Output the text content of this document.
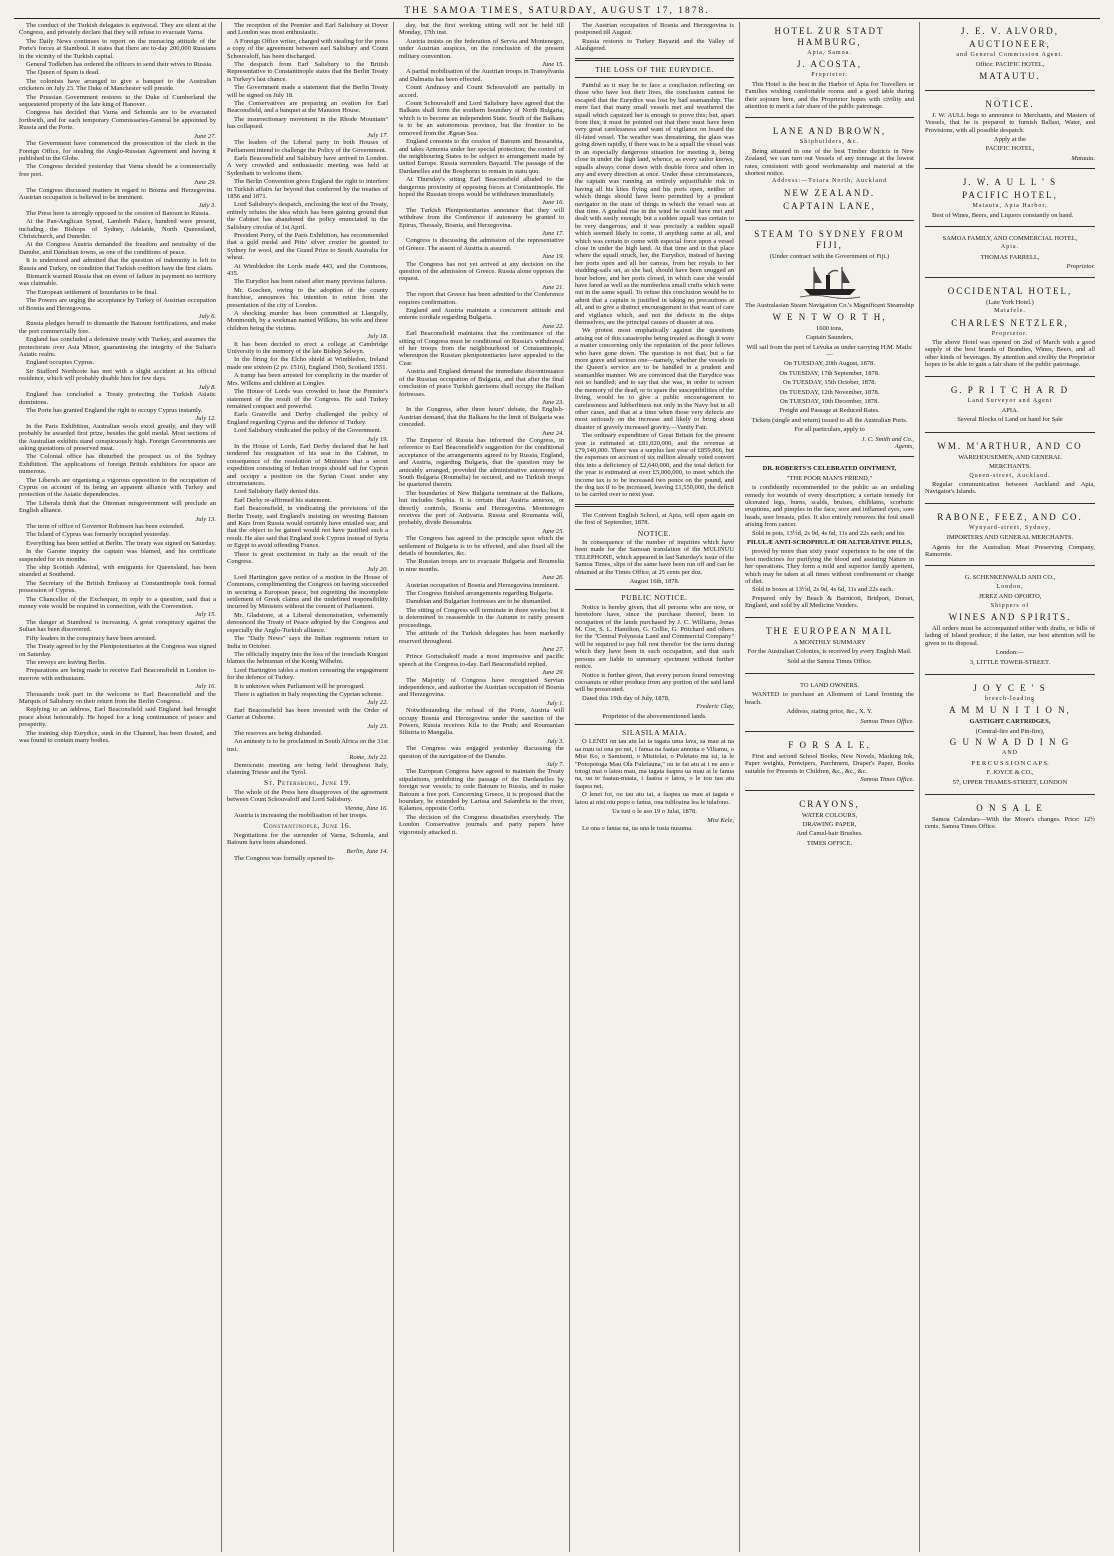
THE SAMOA TIMES, SATURDAY, AUGUST 17, 1878.

The conduct of the Turkish delegates is equivocal. They are silent at the Congress, and privately declare that they will refuse to evacuate Varna.

The Daily News continues to report on the menacing attitude of the Porte's forces at Stamboul. It states that there are to-day 200,000 Russians in the vicinity of the Turkish capital.

General Todleben has ordered the officers to send their wives to Russia.

The Queen of Spain is dead.

The colonists have arranged to give a banquet to the Australian cricketers on July 23. The Duke of Manchester will preside.

The Prussian Government restores to the Duke of Cumberland the sequestered property of the late king of Hanover.

Congress has decided that Varna and Schumla are to be evacuated forthwith, and for each temporary Commissaries-General be appointed by Russia and the Porte.

June 27.

The Government have commenced the prosecution of the clerk in the Foreign Office, for stealing the Anglo-Russian Agreement and having it published in the Globe.

The Congress decided yesterday that Varna should be a commercially free port.

June 29.

The Congress discussed matters in regard to Bosnia and Herzegovina. Austrian occupation is believed to be imminent.

July 3.

The Press here is strongly opposed to the cession of Batoum to Russia.

At the Pan-Anglican Synod, Lambeth Palace, hundred were present, including the Bishops of Sydney, Adelaide, North Queensland, Christchurch, and Dunedin.

At the Congress Austria demanded the freedom and neutrality of the Danube, and Danubian towns, as one of the conditions of peace.

It is understood and admitted that the question of indemnity is left to Russia and Turkey, on condition that Turkish creditors have the first claim.

Bismarck warned Russia that on event of failure in payment no territory was claimable.

The European settlement of boundaries to be final.

The Powers are urging the acceptance by Turkey of Austrian occupation of Bosnia and Herzegovina.

July 6.

Russia pledges herself to dismantle the Batoum fortifications, and make the port commercially free.

England has concluded a defensive treaty with Turkey, and assumes the protectorate over Asia Minor, guaranteeing the integrity of the Sultan's Asiatic realm.

England occupies Cyprus.

Sir Stafford Northcote has met with a slight accident at his official residence, which will probably disable him for few days.

July 8.

England has concluded a Treaty protecting the Turkish Asiatic dominions.

The Porte has granted England the right to occupy Cyprus instantly.

July 12.

In the Paris Exhibition, Australian wools excel greatly, and they will probably be awarded first prize, besides the gold medal. Most sections of the Australian exhibits stand conspicuously high. Foreign Governments are asking quotations of preserved meat.

The Colonial office has disturbed the prospect us of the Sydney Exhibition. The applications of foreign British exhibitors for space are numerous.

The Liberals are organising a vigorous opposition to the occupation of Cyprus on account of its being an apparent alliance with Turkey and protection of the Asiatic dependencies.

The Liberals think that the Ottoman misgovernment will preclude an English alliance.

July 13.

The term of office of Governor Robinson has been extended.

The Island of Cyprus was formerly occupied yesterday.

Everything has been settled at Berlin. The treaty was signed on Saturday.

In the Garone inquiry the captain was blamed, and his certificate suspended for six months.

The ship Scottish Admiral, with emigrants for Queensland, has been stranded at Southend.

The Secretary of the British Embassy at Constantinople took formal possession of Cyprus.

The Chancellor of the Exchequer, in reply to a question, said that a money vote would be required in connection, with the Convention.

July 15.

The danger at Stamboul is increasing. A great conspiracy against the Sultan has been discovered.

Fifty leaders in the conspiracy have been arrested.

The Treaty agreed to by the Plenipotentiaries at the Congress was signed on Saturday.

The envoys are leaving Berlin.

Preparations are being made to receive Earl Beaconsfield in London to-morrow with enthusiasm.

July 16.

Thousands took part in the welcome to Earl Beaconsfield and the Marquis of Salisbury on their return from the Berlin Congress.

Replying to an address, Earl Beaconsfield said England had brought peace about honourably. He hoped for a long continuance of peace and prosperity.

The training ship Eurydice, sunk in the Channel, has been floated, and was found to contain many bodies.

The reception of the Premier and Earl Salisbury at Dover and London was most enthusiastic.

A Foreign Office writer, charged with stealing for the press a copy of the agreement between earl Salisbury and Count Schouvaloff, has been discharged.

The despatch from Earl Salisbury to the British Representative to Constantinople states that the Berlin Treaty is Turkey's last chance.

The Government made a statement that the Berlin Treaty will be signed on July 18.

The Conservatives are preparing an ovation for Earl Beaconsfield, and a banquet at the Mansion House.

The insurrectionary movement in the Rhode Mountain" has collapsed.

July 17.

The leaders of the Liberal party in both Houses of Parliament intend to challenge the Policy of the Government.

Earls Beaconsfield and Salisbury have arrived in London. A very crowded and enthusiastic meeting was held at Sydenham to welcome them.

The Berlin Convention gives England the right to interfere in Turkish affairs far beyond that conferred by the treaties of 1856 and 1871.

Lord Salisbury's despatch, enclosing the text of the Treaty, entirely refutes the idea which has been gaining ground that the Cabinet has abandoned the policy enunciated in the Salisbury circular of 1st April.

President Perry, of the Paris Exhibition, has recommended that a gold medal and Pitts' silver crozier be granted to Sydney for wool, and the Grand Prize to South Australia for wheat.

At Wimbledon the Lords made 443, and the Commons, 435.

The Eurydice has been raised after many previous failures.

Mr. Goschen, owing to the adoption of the county franchise, announces his intention to retire from the presentation of the city of London.

A shocking murder has been committed at Llangolly, Monmouth, by a workman named Wilkins, his wife and three children being the victims.

July 18.

It has been decided to erect a college at Cambridge University to the memory of the late Bishop Selwyn.

In the firing for the Elcho shield at Wimbledon, Ireland made one sixteen (2 pv. 1516), England 1560, Scotland 1551.

A tramp has been arrested for complicity in the murder of Mrs. Wilkins and children at Longlev.

The House of Lords was crowded to hear the Premier's statement of the result of the Congress. He said Turkey remained compact and powerful.

Earls Granville and Derby challenged the policy of England regarding Cyprus and the defence of Turkey.

Lord Salisbury vindicated the policy of the Government.

July 19.

In the House of Lords, Earl Derby declared that he had tendered his resignation of his seat in the Cabinet, in consequence of the resolution of Ministers that a secret expedition consisting of Indian troops should sail for Cyprus and occupy a position on the Syrian Coast under any circumstances.

Lord Salisbury flatly denied this.

Earl Derby re-affirmed his statement.

Earl Beaconsfield, in vindicating the provisions of the Berlin Treaty, said England's insisting on wresting Batoum and Kars from Russia would certainly have entailed war, and that the object to be gained would not have justified such a result. He also said that England took Cyprus instead of Syria or Egypt to avoid offending France.

There is great excitement in Italy as the result of the Congress.

July 20.

Lord Hartington gave notice of a motion in the House of Commons, complimenting the Congress on having succeeded in securing a European peace, but regretting the incomplete settlement of Greek claims and the undefined responsibility incurred by Ministers without the consent of Parliament.

Mr. Gladstone, at a Liberal demonstration, vehemently denounced the Treaty of Peace adopted by the Congress and especially the Anglo-Turkish alliance.

The "Daily News" says the Indian regiments return to India in October.

The officially inquiry into the loss of the ironclads Kurgust blames the helmsman of the Konig Wilhelm.

Lord Hartington tables a motion censuring the engagement for the defence of Turkey.

It is unknown when Parliament will be prorogued.

There is agitation in Italy respecting the Cyprian scheme.

July 22.

Earl Beaconsfield has been invested with the Order of Garter at Osborne.

July 23.

The reserves are being disbanded.

An amnesty is to be proclaimed in South Africa on the 31st inst.

Rome, July 22.

Democratic meeting are being held throughout Italy, claiming Trieste and the Tyrol.

St. Petersburg, June 19.

The whole of the Press here disapproves of the agreement between Count Schouvaloff and Lord Salisbury.

Vienna, June 16.

Austria is increasing the mobilisation of her troops.

Constantinople, June 16.

Negotiations for the surrender of Varna, Schumla, and Batoum have been abandoned.

Berlin, June 14.

The Congress was formally opened to-

day, but the first working sitting will not be held till Monday, 17th inst.

Austria insists on the federation of Servia and Montenegro, under Austrian auspices, on the conclusion of the present military convention.

June 15.

A partial mobilisation of the Austrian troops in Transylvania and Dalmatia has been effected.

Count Andrassy and Count Schouvaloff are partially in accord.

Count Schouvaloff and Lord Salisbury have agreed that the Balkans shall form the southern boundary of North Bulgaria, which is to become an independent State. South of the Balkans is to be an autonomous province, but the frontier to be removed from the Ægean Sea.

England consents to the cession of Batoum and Bessarabia, and takes Armenia under her special protection; the control of the neighbouring States to be subject to arrangement made by united Europe. Russia surrenders Bayazid. The passage of the Dardanelles and the Bosphorus to remain in statu quo.

At Thursday's sitting Earl Beaconsfield alluded to the dangerous proximity of opposing forces at Constantinople. He hoped the Russian troops would be withdrawn immediately.

June 16.

The Turkish Plenipotentiaries announce that they will withdraw from the Conference if autonomy be granted to Epirus, Thessaly, Bosnia, and Herzegovina.

June 17.

Congress is discussing the admission of the representative of Greece. The assent of Austria is assured.

June 19.

The Congress has not yet arrived at any decision on the question of the admission of Greece. Russia alone opposes the request.

June 21.

The report that Greece has been admitted to the Conference requires confirmation.

England and Austria maintain a concurrent attitude and entente cordiale regarding Bulgaria.

June 22.

Earl Beaconsfield maintains that the continuance of the sitting of Congress must be conditional on Russia's withdrawal of her troops from the neighbourhood of Constantinople, whereupon the Russian plenipotentiaries have appealed to the Czar.

Austria and England demand the immediate discontinuance of the Russian occupation of Bulgaria, and that after the final conclusion of peace Turkish garrisons shall occupy the Balkan fortresses.

June 23.

In the Congress, after three hours' debate, the English-Austrian demand, that the Balkans be the limit of Bulgaria was conceded.

June 24.

The Emperor of Russia has informed the Congress, in reference to Earl Beaconsfield's suggestion for the conditional acceptance of the arrangements agreed to by Russia, England, and Austria, regarding Bulgaria, that the question may be amicably arranged, provided the administrative autonomy of South Bulgaria (Roumelia) be secured, and no Turkish troops be quartered therein.

The boundaries of New Bulgaria terminate at the Balkans, but includes Sophia. It is certain that Austria annexes, or directly controls, Bosnia and Herzegovina. Montenegro receives the port of Antivaria. Russia and Roumania will, probably, divide Bessarabia.

June 25.

The Congress has agreed to the principle upon which the settlement of Bulgaria is to be effected, and also fixed all the details of boundaries, &c.

The Russian troops are to evacuate Bulgaria and Roumelia in nine months.

June 26.

Austrian occupation of Bosnia and Herzegovina imminent.

The Congress finished arrangements regarding Bulgaria.

Danubian and Bulgarian fortresses are to be dismantled.

The sitting of Congress will terminate in three weeks; but it is determined to reassemble in the Autumn to ratify present proceedings.

The attitude of the Turkish delegates has been markedly reserved throughout.

June 27.

Prince Gortschakoff made a most impressive and pacific speech at the Congress to-day. Earl Beaconsfield replied.

June 29.

The Majority of Congress have recognised Servian independence, and authorise the Austrian occupation of Bosnia and Herzegovina.

July 1.

Notwithstanding the refusal of the Porte, Austria will occupy Bosnia and Herzegovina under the sanction of the Powers, Russia receives Kila to the Pruth; and Roumanian Silistria to Mangalia.

July 3.

The Congress was engaged yesterday discussing the question of the navigation of the Danube.

July 7.

The European Congress have agreed to maintain the Treaty stipulations, prohibiting the passage of the Dardanelles by foreign war vessels; to cede Batoum to Russia, and to make Batoum a free port. Concerning Greece, it is proposed that the boundary, be extended by Larissa and Salambria to the river, Kalamos, opposite Corfu.

The decision of the Congress dissatisfies everybody. The London Conservative journals and party papers have vigorously attacked it.

The Austrian occupation of Bosnia and Herzegovina is postponed till August.

Russia restores to Turkey Bayazid and the Valley of Alashgered.

THE LOSS OF THE EURYDICE.

Painful as it may be to face a conclusion reflecting on those who have lost their lives, the conclusion cannot be escaped that the Eurydice was lost by bad seamanship. The mere fact that many small vessels met and weathered the squall which capsized her is enough to prove this; but, apart from this, it must be pointed out that there must have been very great carelessness and want of vigilance on board the ill-fated vessel. The weather was threatening, the glass was going down rapidly, if there was to be a squall the vessel was in an especially dangerous situation for meeting it, being close in under the high land, whence, as every sailor knows, squalls always come down with double force and often in any and every direction at once. Under these circumstances, the captain was running an entirely unjustifiable risk in having all his kites flying and his ports open, neither of which things should have been permitted by a prudent navigator in the state of things in which the vessel was at that time. A gradual rise in the wind he could have met and dealt with easily enough; but a sudden squall was certain to be very dangerous, and it was precisely a sudden squall which seemed likely to come, if anything came at all, and which was certain to come with especial force upon a vessel close in under the high land. At that time and in that place where the squall struck, her, the Eurydice, instead of having her ports open and all her canvas, from her royals to her studding-sails set, as she had, should have been snugged an hour before, and her ports closed, in which case she would have fared as well as the numberless small crafts which were out in the same squall. To refuse this conclusion would be to admit that a captain is justified in taking no precautions at all, and to give a distinct encouragement to that want of care and vigilance which, and not the defects in the ships themselves, are the principal causes of disaster at sea.

We protest most emphatically against the questions arising out of this catastrophe being treated as though it were a matter concerning only the reputation of the poor fellows who have gone down. The question is not that, but a far more grave and serious one—namely, whether the vessels in the Queen's service are to be handled in a prudent and seamanlike manner. We are convinced that the Eurydice was not so handled; and to say that she was, in order to screen the memory of the dead, or to spare the susceptibilities of the living, would be to give a public encouragement to carelessness and lubberliness not only in the Navy but in all other cases, and that at a time when those very defects are most seriously on the increase and likely to bring about disaster of gravely increased gravity.—Vanity Fair.

The ordinary expenditure of Great Britain for the present year is estimated at £81,020,000, and the revenue at £79,140,000. There was a surplus last year of £859,866, but the expenses on account of six million already voted convert this into a deficiency of £2,640,000, and the total deficit for the year is estimated at over £5,000,000, to meet which the income tax is to be increased two pence on the pound, and the dog tax if to be increased, leaving £1,550,000, the deficit to be carried over to next year.

The Convent English School, at Apia, will open again on the first of September, 1878.

NOTICE.

In consequence of the number of inquiries which have been made for the Samoan translation of the MULINUU TELEPHONE, which appeared in last Saturday's issue of the Samoa Times, slips of the same have been run off and can be obtained at the Times Office, at 25 cents per doz.

August 16th, 1878.

PUBLIC NOTICE.

Notice is hereby given, that all persons who are now, or heretofore have, since the purchase thereof, been in occupation of the lands purchased by J. C. Williams, Jonas M. Coe, S. L. Hamilton, G. Collie, G. Pritchard and others for the "Central Polynesia Land and Commercial Company" will be required to pay full rent therefor for the term during which they have been in such occupation, and that such persons are liable to summary ejectment without further notice.

Notice is further given, that every person found removing cocoanuts or other produce from any portion of the said land will be prosecuted.

Dated this 19th day of July, 1878.

Frederic Clay,

Proprietor of the abovementioned lands.

SILASILA MAIA.

O LENEI on tau atu lai ia tagata uma lava, sa mau ai na ua mau isi ona po nei, i fanua na faatau annona o Viliamu, o Misi Ko, o Samisoni, o Misitolai, o Poletato ma isi, ia le "Potopotoga Mau Ola Fulefauna," ou te fai atu ai i ne ano e totogi mai o latou mau, ma tagata faapea ua mau ai le fanua na, ua te faatau-maaia, i faatoa o latou, o le tou tau atu faapea nei.

O lenei foi, ou tau atu iai, a faapea ua mau ai tagata e latou ai nisi niu popo o fanua, ona tuliloaina lea le tulafono.

Ua tusi o le aso 19 o Julai, 1878.

Misi Kele,

Le ona o fanua na, ua una le tusia nusuma.

HOTEL ZUR STADT HAMBURG,
Apia, Samoa.
J. ACOSTA,
Proprietor.

This Hotel is the best in the Harbor of Apia for Travellers or Families wishing comfortable rooms and a good table during their sojourn here, and the Proprietor hopes with civility and attention to merit a fair share of the public patronage.

LANE AND BROWN,
Shipbuilders, &c.

Being situated in one of the best Timber districts in New Zealand, we can turn out Vessels of any tonnage at the lowest rates, consistent with good workmanship and material at the shortest notice.

Address:—Totara North, Auckland
NEW ZEALAND.
CAPTAIN LANE,
STEAM TO SYDNEY FROM FIJI,
(Under contract with the Government of Fiji.)

The Australasian Steam Navigation Co.'s Magnificent Steamship

W E N T W O R T H,
1600 tons,
Captain Saunders,

Will sail from the port of Levuka as under carrying H.M. Mails:—

On TUESDAY, 20th August, 1878.
On TUESDAY, 17th September, 1878.
On TUESDAY, 15th October, 1878.
On TUESDAY, 12th November, 1878.
On TUESDAY, 10th December, 1878.

Freight and Passage at Reduced Rates.

Tickets (single and return) issued to all the Australian Ports.

For all particulars, apply to

J. C. Smith and Co.,
Agents,
DR. ROBERTS'S CELEBRATED OINTMENT,
"THE POOR MAN'S FRIEND,"

is confidently recommended to the public as an unfailing remedy for wounds of every description; a certain remedy for ulcerated legs, burns, scalds, bruises, chilblains, scorbutic eruptions, and pimples in the face, sore and inflamed eyes, sore heads, sore breasts, piles. It also entirely removes the foul smell arising from cancer.

Sold in pots, 13½d, 2s 9d, 4s 6d, 11s and 22s each; and his

PILULÆ ANTI-SCROPHULÆ OR ALTERATIVE PILLS,

proved by more than sixty years' experience to be one of the best medicines for purifying the blood and assisting Nature in her operations. They form a mild and superior family aperient, which may be taken at all times without confinement or change of diet.

Sold in boxes at 13½d, 2s 9d, 4s 6d, 11s and 22s each.

Prepared only by Beach & Barnicott, Bridport, Dorset, England, and sold by all Medicine Venders.

THE EUROPEAN MAIL
A MONTHLY SUMMARY

For the Australian Colonies, is received by every English Mail.

Sold at the Samoa Times Office.

TO LAND OWNERS.

WANTED to purchase an Allotment of Land fronting the beach.

Address, stating price, &c., X. Y.

Samoa Times Office.
F O R S A L E.

First and second School Books, New Novels, Marking Ink, Paper weights, Penwipers, Parchment, Draper's Paper, Books suitable for Presents to Children, &c., &c., &c.

Samoa Times Office.
CRAYONS,
WATER COLOURS,
DRAWING PAPER,
And Camel-hair Brushes.
TIMES OFFICE.
J. E. V. ALVORD,
AUCTIONEER,
and General Commission Agent.
Office: PACIFIC HOTEL,
MATAUTU.
NOTICE.

J. W. AULL begs to announce to Merchants, and Masters of Vessels, that he is prepared to furnish Ballast, Water, and Provisions, with all possible despatch.

Apply at the
PACIFIC HOTEL,
Matautu.
J. W. A U L L ' S
PACIFIC HOTEL,
Matautu, Apia Harbor.

Best of Wines, Beers, and Liquors constantly on hand.

SAMOA FAMILY, AND COMMERCIAL HOTEL,
Apia.
THOMAS FARRELL,
Proprietor.
OCCIDENTAL HOTEL,
(Late York Hotel.)
Matafele.
CHARLES NETZLER,
Proprietor.

The above Hotel was opened on 2nd of March with a good supply of the best brands of Brandies, Wines, Beers, and all other kinds of beverages. By attention and civility the Proprietor hopes to be able to gain a fair share of the public patronage.

G. P R I T C H A R D
Land Surveyor and Agent
APIA.

Several Blocks of Land on hand for Sale

WM. M'ARTHUR, AND CO
WAREHOUSEMEN, AND GENERAL
MERCHANTS.
Queen-street, Auckland.

Regular communication between Auckland and Apia, Navigator's Islands.

RABONE, FEEZ, AND CO.
Wynyard-street, Sydney,
IMPORTERS AND GENERAL MERCHANTS.

Agents for the Australian Meat Preserving Company, Ramornie.

G. SCHENKENWALD AND CO.,
London,
JEREZ AND OPORTO,
Shippers of
WINES AND SPIRITS.

All orders must be accompanied either with drafts, or bills of lading of Island produce; if the latter, our best attention will be given to its disposal.

London:—
3, LITTLE TOWER-STREET.
J O Y C E ' S
breech-loading
A M M U N I T I O N,
GASTIGHT CARTRIDGES,
(Central-fire and Pin-fire),
G U N W A D D I N G
AND
P E R C U S S I O N C A P S.
F. JOYCE & CO.,
57, UPPER THAMES-STREET, LONDON
O N S A L E

Samoa Calendars—With the Moon's changes. Price: 12½ cents. Samoa Times Office.
